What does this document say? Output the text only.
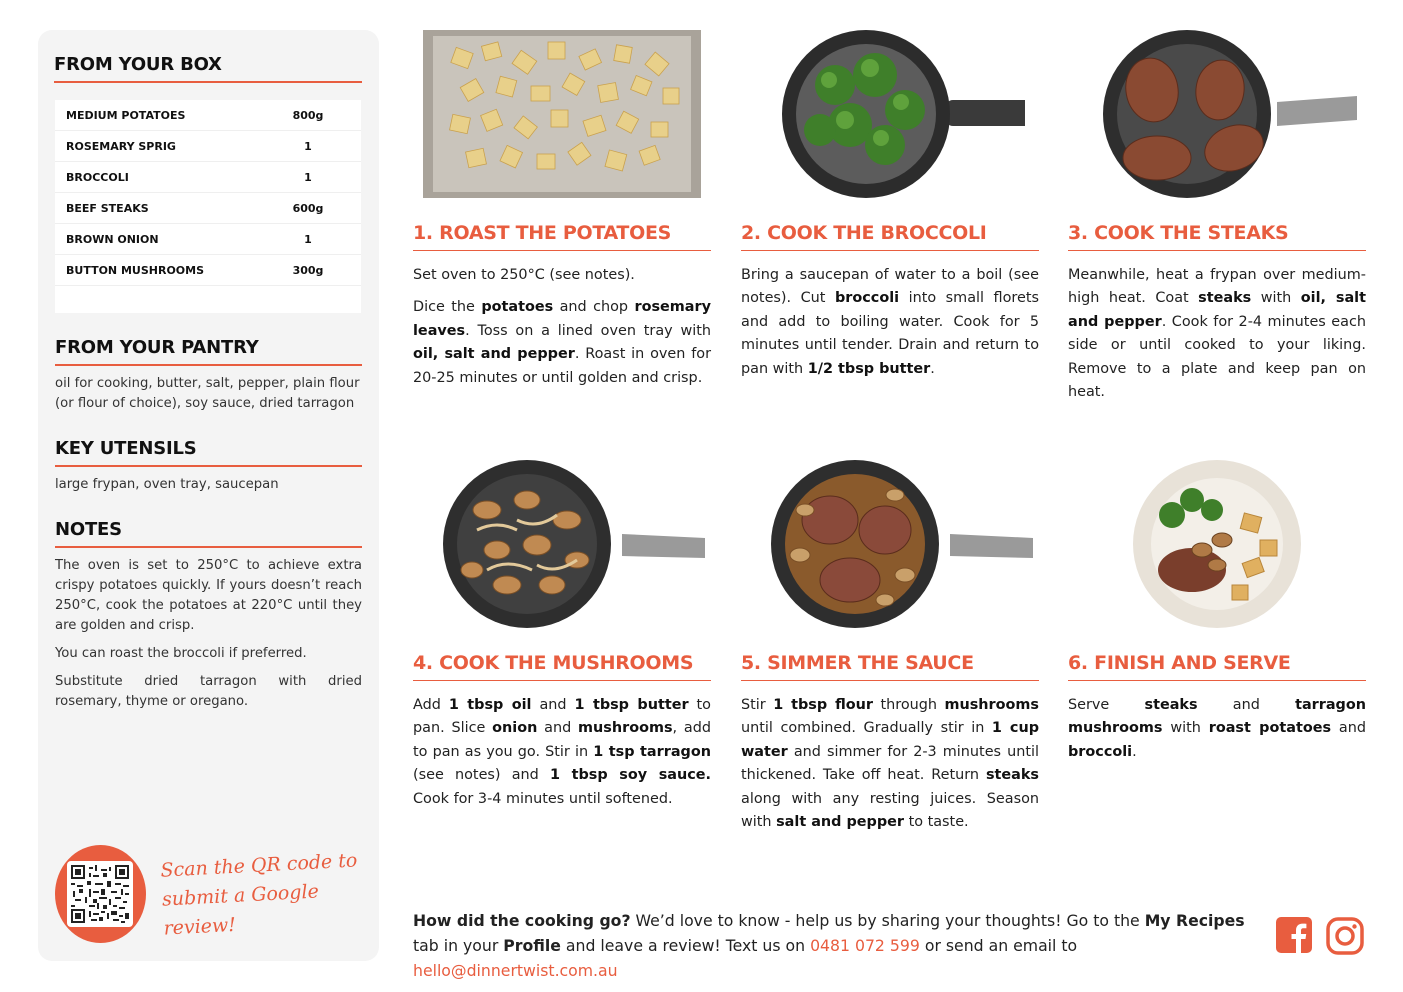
FROM YOUR BOX
MEDIUM POTATOES	800g
ROSEMARY SPRIG	1
BROCCOLI	1
BEEF STEAKS	600g
BROWN ONION	1
BUTTON MUSHROOMS	300g
FROM YOUR PANTRY
oil for cooking, butter, salt, pepper, plain flour (or flour of choice), soy sauce, dried tarragon
KEY UTENSILS
large frypan, oven tray, saucepan
NOTES

The oven is set to 250°C to achieve extra crispy potatoes quickly. If yours doesn’t reach 250°C, cook the potatoes at 220°C until they are golden and crisp.

You can roast the broccoli if preferred.

Substitute dried tarragon with dried rosemary, thyme or oregano.

Scan the QR code to
submit a Google review!
1. ROAST THE POTATOES

Set oven to 250°C (see notes).

Dice the potatoes and chop rosemary leaves. Toss on a lined oven tray with oil, salt and pepper. Roast in oven for 20-25 minutes or until golden and crisp.

2. COOK THE BROCCOLI

Bring a saucepan of water to a boil (see notes). Cut broccoli into small florets and add to boiling water. Cook for 5 minutes until tender. Drain and return to pan with 1/2 tbsp butter.

3. COOK THE STEAKS

Meanwhile, heat a frypan over medium-high heat. Coat steaks with oil, salt and pepper. Cook for 2-4 minutes each side or until cooked to your liking. Remove to a plate and keep pan on heat.

4. COOK THE MUSHROOMS

Add 1 tbsp oil and 1 tbsp butter to pan. Slice onion and mushrooms, add to pan as you go. Stir in 1 tsp tarragon (see notes) and 1 tbsp soy sauce. Cook for 3-4 minutes until softened.

5. SIMMER THE SAUCE

Stir 1 tbsp flour through mushrooms until combined. Gradually stir in 1 cup water and simmer for 2-3 minutes until thickened. Take off heat. Return steaks along with any resting juices. Season with salt and pepper to taste.

6. FINISH AND SERVE

Serve steaks and tarragon mushrooms with roast potatoes and broccoli.

How did the cooking go? We’d love to know - help us by sharing your thoughts! Go to the My Recipes tab in your Profile and leave a review! Text us on 0481 072 599 or send an email to hello@dinnertwist.com.au
